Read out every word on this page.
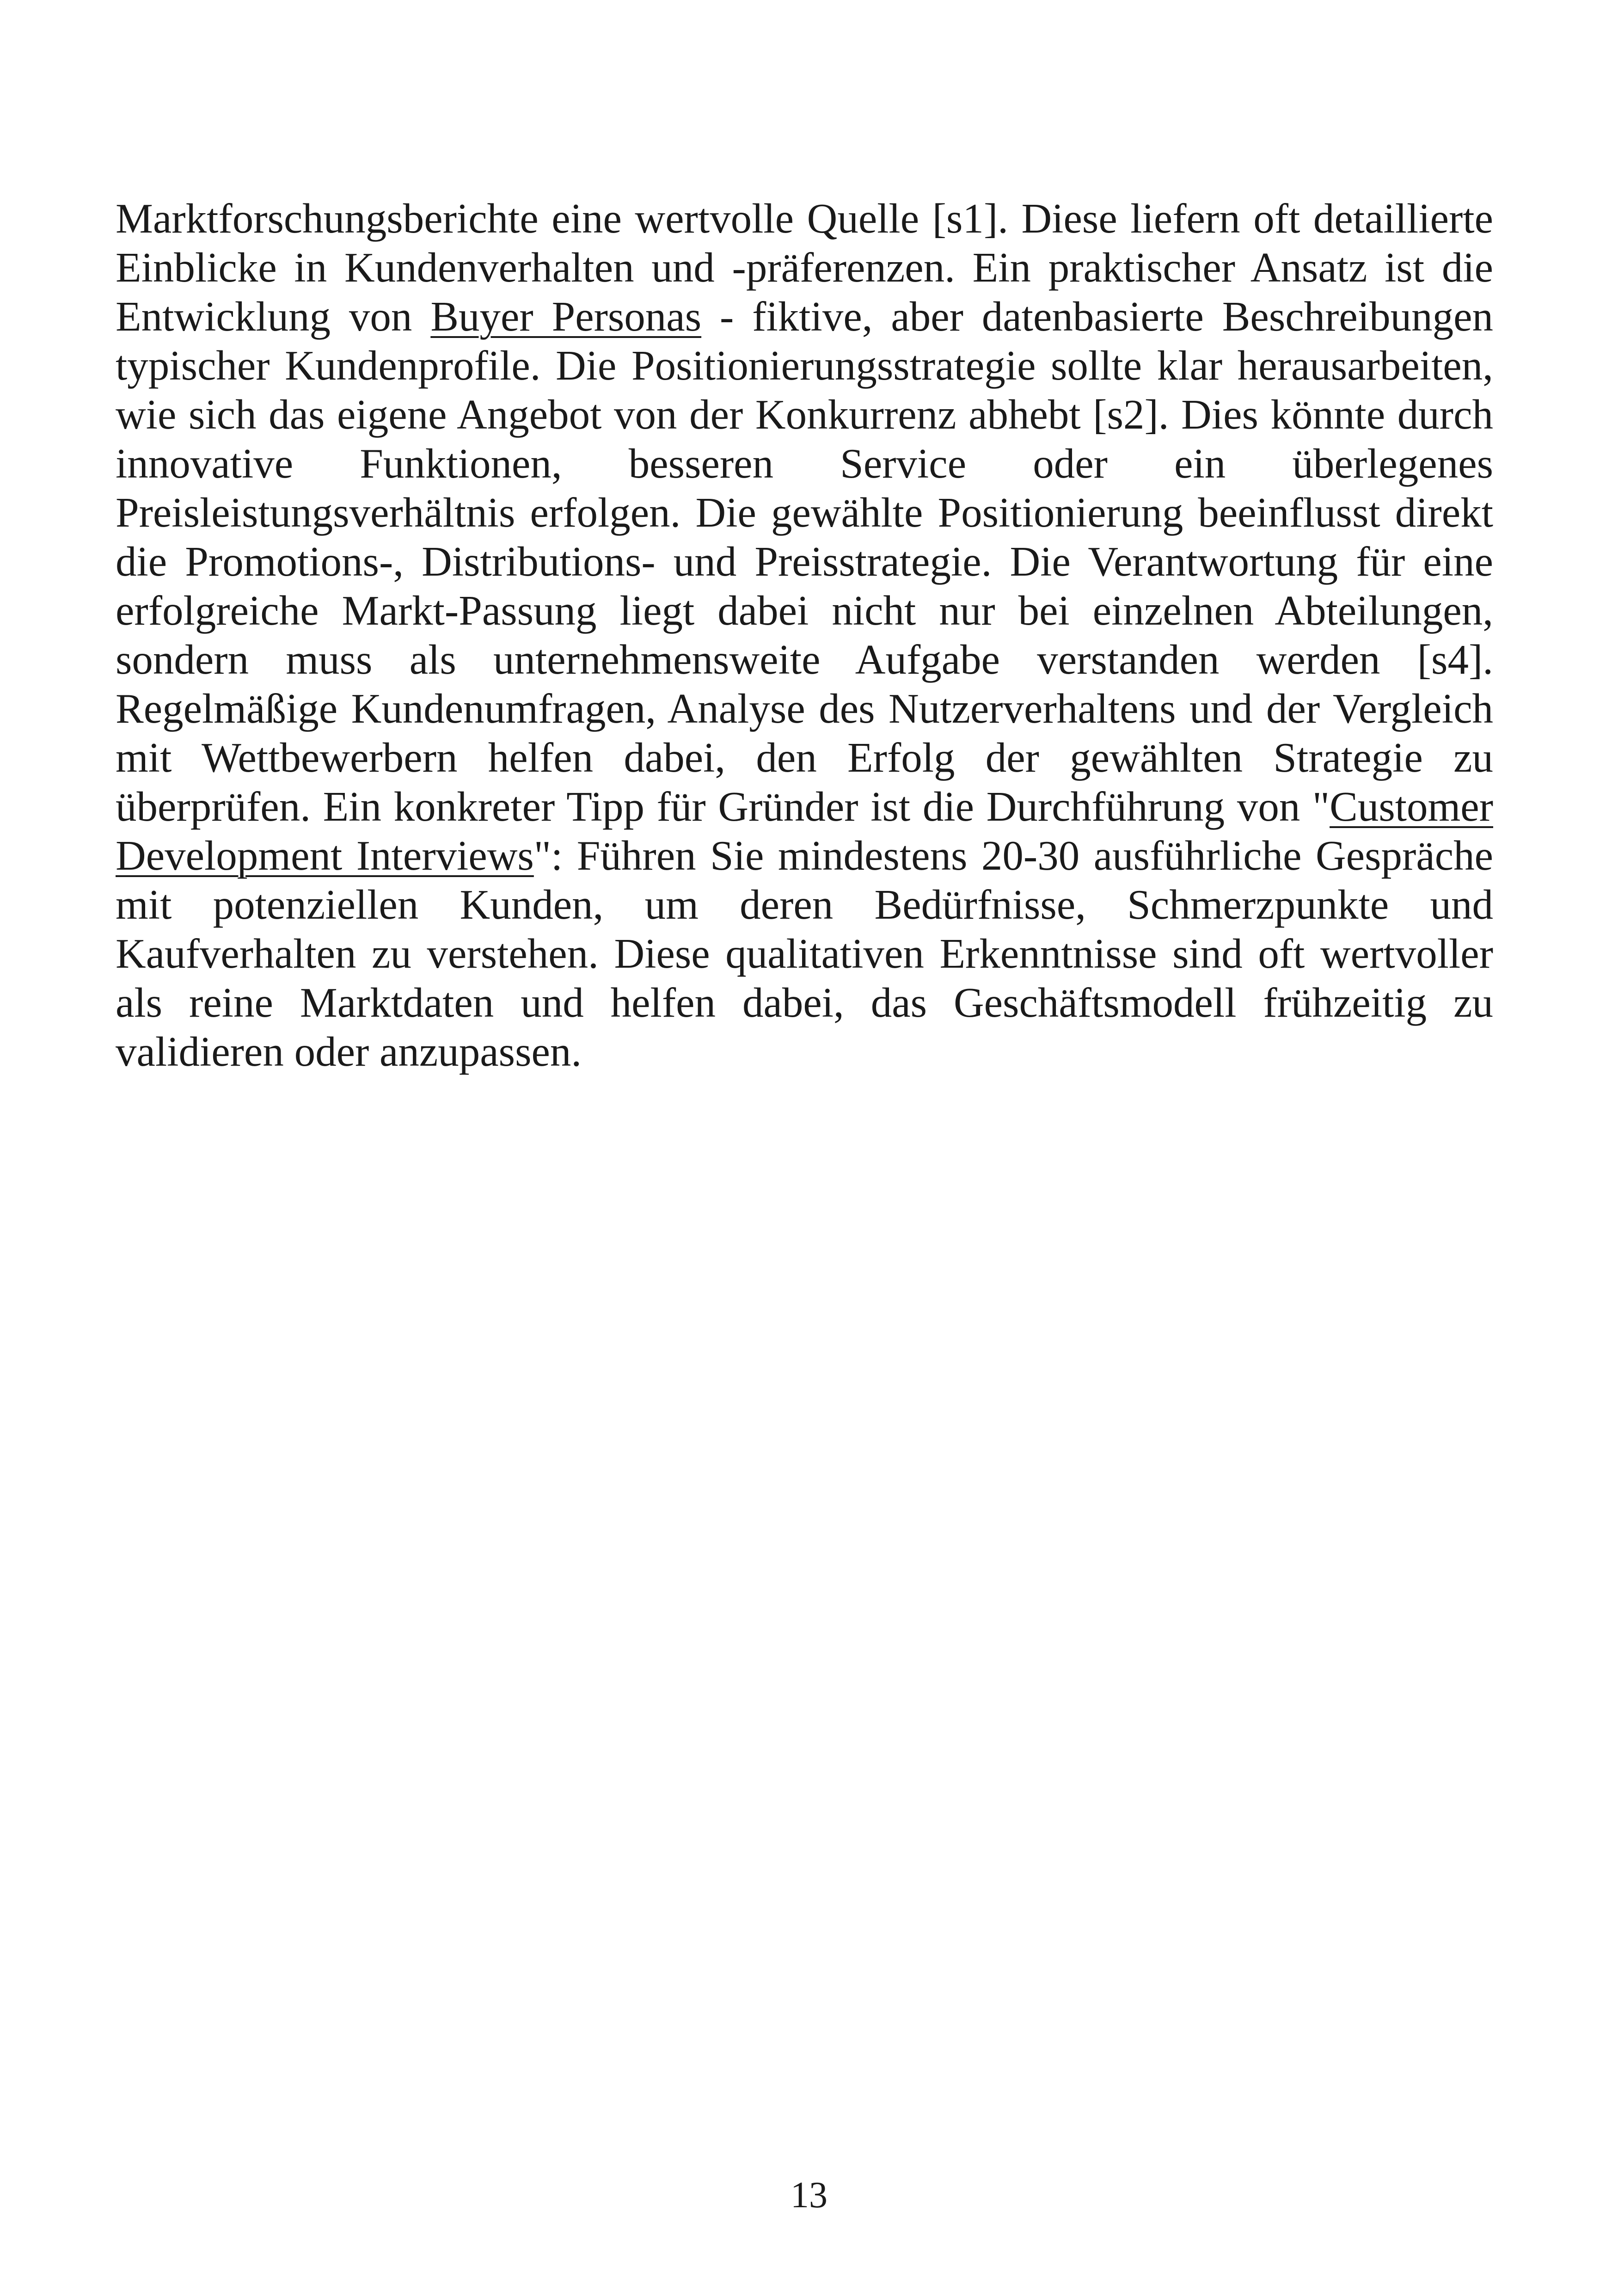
Marktforschungsberichte eine wertvolle Quelle [s1]. Diese liefern oft detaillierte Einblicke in Kundenverhalten und -präferenzen. Ein praktischer Ansatz ist die Entwicklung von Buyer Personas - fiktive, aber datenbasierte Beschreibungen typischer Kundenprofile. Die Positionierungsstrategie sollte klar herausarbeiten, wie sich das eigene Angebot von der Konkurrenz abhebt [s2]. Dies könnte durch innovative Funktionen, besseren Service oder ein überlegenes Preisleistungsverhältnis erfolgen. Die gewählte Positionierung beeinflusst direkt die Promotions-, Distributions- und Preisstrategie. Die Verantwortung für eine erfolgreiche Markt-Passung liegt dabei nicht nur bei einzelnen Abteilungen, sondern muss als unternehmensweite Aufgabe verstanden werden [s4]. Regelmäßige Kundenumfragen, Analyse des Nutzerverhaltens und der Vergleich mit Wettbewerbern helfen dabei, den Erfolg der gewählten Strategie zu überprüfen. Ein konkreter Tipp für Gründer ist die Durchführung von "Customer Development Interviews": Führen Sie mindestens 20-30 ausführliche Gespräche mit potenziellen Kunden, um deren Bedürfnisse, Schmerzpunkte und Kaufverhalten zu verstehen. Diese qualitativen Erkenntnisse sind oft wertvoller als reine Marktdaten und helfen dabei, das Geschäftsmodell frühzeitig zu validieren oder anzupassen.

13
